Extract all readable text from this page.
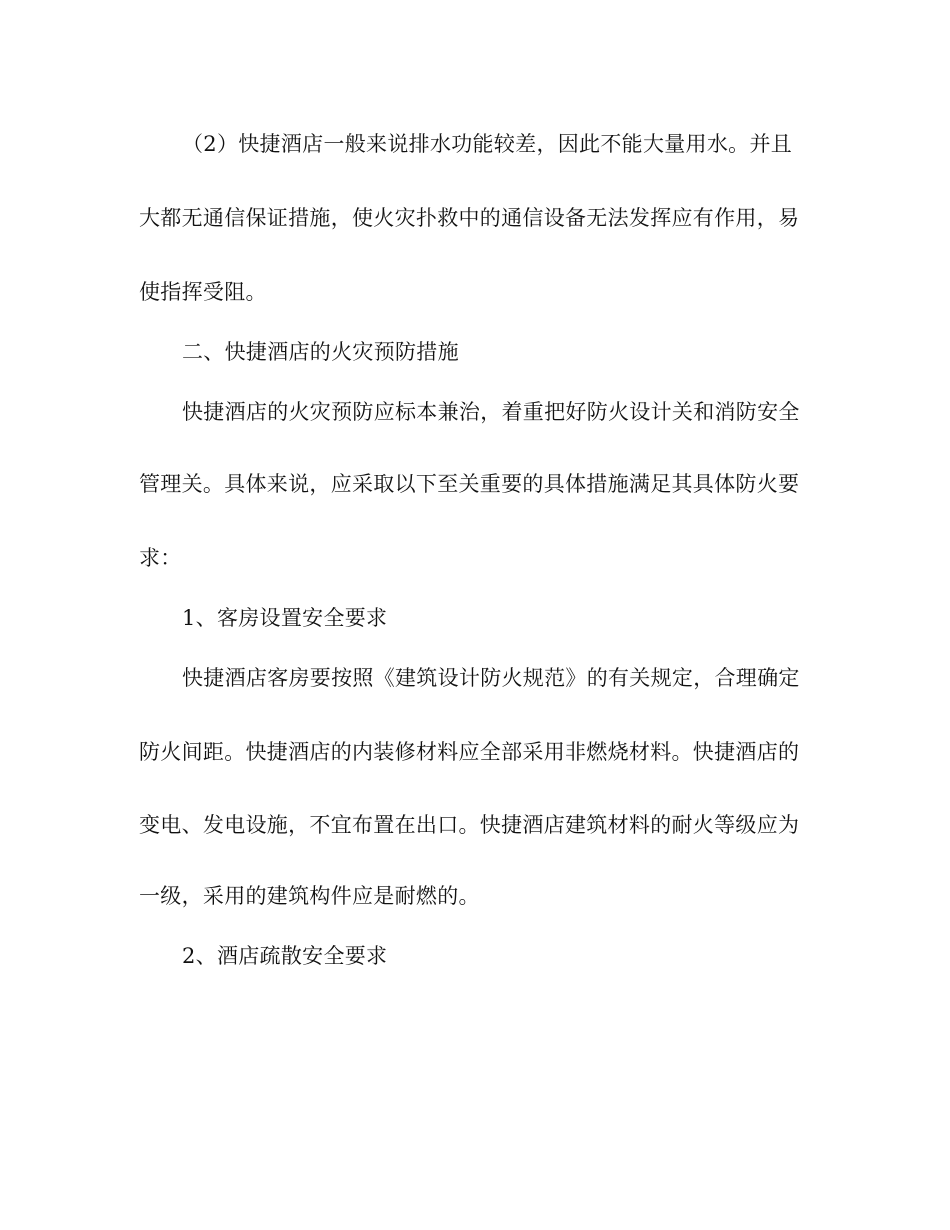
（2）快捷酒店一般来说排水功能较差，因此不能大量用水。并且
大都无通信保证措施，使火灾扑救中的通信设备无法发挥应有作用，易
使指挥受阻。
二、快捷酒店的火灾预防措施
快捷酒店的火灾预防应标本兼治，着重把好防火设计关和消防安全
管理关。具体来说，应采取以下至关重要的具体措施满足其具体防火要
求：
1、客房设置安全要求
快捷酒店客房要按照《建筑设计防火规范》的有关规定，合理确定
防火间距。快捷酒店的内装修材料应全部采用非燃烧材料。快捷酒店的
变电、发电设施，不宜布置在出口。快捷酒店建筑材料的耐火等级应为
一级，采用的建筑构件应是耐燃的。
2、酒店疏散安全要求
